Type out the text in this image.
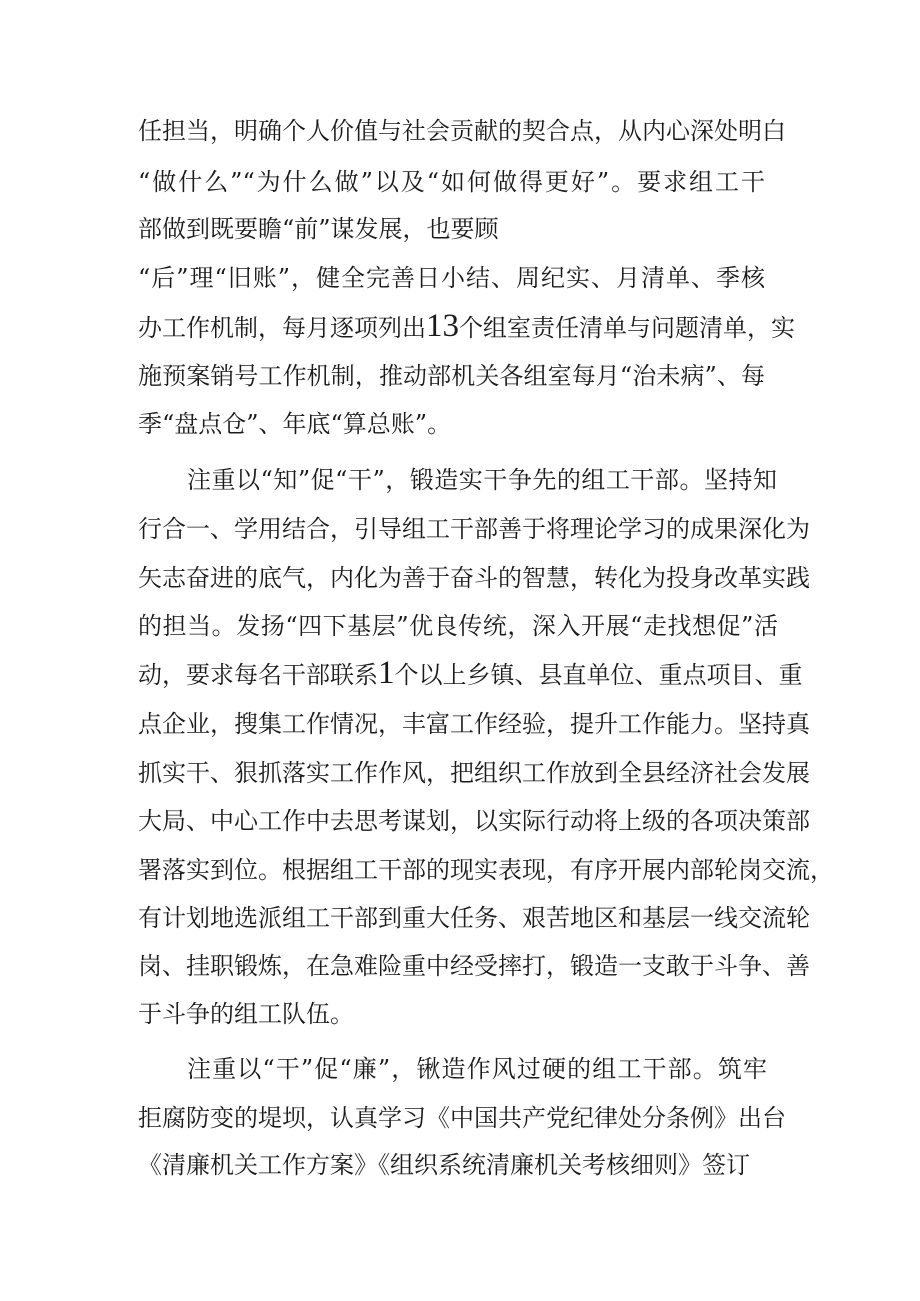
任担当，明确个人价值与社会贡献的契合点，从内心深处明白

“做什么”“为什么做”以及“如何做得更好”。要求组工干

部做到既要瞻“前”谋发展，也要顾

“后”理“旧账”，健全完善日小结、周纪实、月清单、季核

办工作机制，每月逐项列出13个组室责任清单与问题清单，实

施预案销号工作机制，推动部机关各组室每月“治未病”、每

季“盘点仓”、年底“算总账”。

注重以“知”促“干”，锻造实干争先的组工干部。坚持知

行合一、学用结合，引导组工干部善于将理论学习的成果深化为

矢志奋进的底气，内化为善于奋斗的智慧，转化为投身改革实践

的担当。发扬“四下基层”优良传统，深入开展“走找想促”活

动，要求每名干部联系1个以上乡镇、县直单位、重点项目、重

点企业，搜集工作情况，丰富工作经验，提升工作能力。坚持真

抓实干、狠抓落实工作作风，把组织工作放到全县经济社会发展

大局、中心工作中去思考谋划，以实际行动将上级的各项决策部

署落实到位。根据组工干部的现实表现，有序开展内部轮岗交流，

有计划地选派组工干部到重大任务、艰苦地区和基层一线交流轮

岗、挂职锻炼，在急难险重中经受摔打，锻造一支敢于斗争、善

于斗争的组工队伍。

注重以“干”促“廉”，锹造作风过硬的组工干部。筑牢

拒腐防变的堤坝，认真学习《中国共产党纪律处分条例》出台

《清廉机关工作方案》《组织系统清廉机关考核细则》签订
